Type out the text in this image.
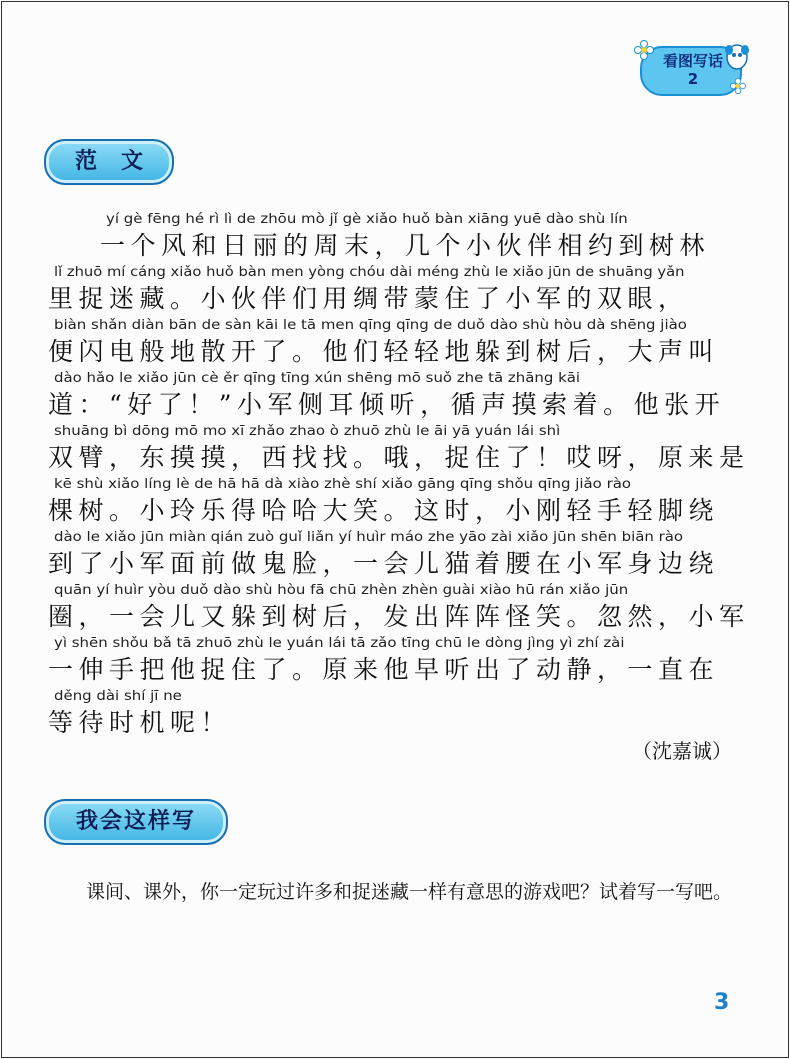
看图写话
2
范文
yí gè fēng hé rì lì de zhōu mò jǐ gè xiǎo huǒ bàn xiāng yuē dào shù lín
一个风和日丽的周末，几个小伙伴相约到树林
lǐ zhuō mí cáng xiǎo huǒ bàn men yòng chóu dài méng zhù le xiǎo jūn de shuāng yǎn
里捉迷藏。小伙伴们用绸带蒙住了小军的双眼，
biàn shǎn diàn bān de sàn kāi le tā men qīng qīng de duǒ dào shù hòu dà shēng jiào
便闪电般地散开了。他们轻轻地躲到树后，大声叫
dào hǎo le xiǎo jūn cè ěr qīng tīng xún shēng mō suǒ zhe tā zhāng kāi
道：“好了！”小军侧耳倾听，循声摸索着。他张开
shuāng bì dōng mō mo xī zhǎo zhao ò zhuō zhù le āi yā yuán lái shì
双臂，东摸摸，西找找。哦，捉住了！哎呀，原来是
kē shù xiǎo líng lè de hā hā dà xiào zhè shí xiǎo gāng qīng shǒu qīng jiǎo rào
棵树。小玲乐得哈哈大笑。这时，小刚轻手轻脚绕
dào le xiǎo jūn miàn qián zuò guǐ liǎn yí huìr máo zhe yāo zài xiǎo jūn shēn biān rào
到了小军面前做鬼脸，一会儿猫着腰在小军身边绕
quān yí huìr yòu duǒ dào shù hòu fā chū zhèn zhèn guài xiào hū rán xiǎo jūn
圈，一会儿又躲到树后，发出阵阵怪笑。忽然，小军
yì shēn shǒu bǎ tā zhuō zhù le yuán lái tā zǎo tīng chū le dòng jìng yì zhí zài
一伸手把他捉住了。原来他早听出了动静，一直在
děng dài shí jī ne
等待时机呢！
（沈嘉诚）
我会这样写
课间、课外，你一定玩过许多和捉迷藏一样有意思的游戏吧？试着写一写吧。
3
